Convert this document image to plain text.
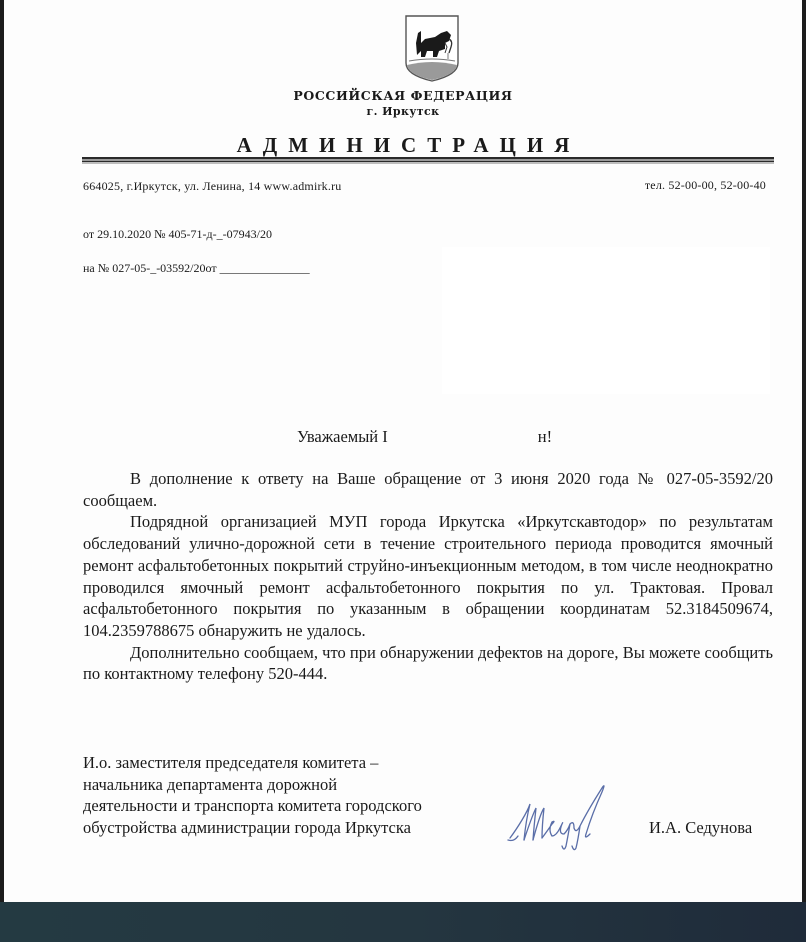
РОССИЙСКАЯ ФЕДЕРАЦИЯ
г. Иркутск
АДМИНИСТРАЦИЯ
664025, г.Иркутск, ул. Ленина, 14 www.admirk.ru	тел. 52-00-00, 52-00-40
от 29.10.2020 № 405-71-д-_-07943/20
на № 027-05-_-03592/20от _______________
Уважаемый I	н!

В дополнение к ответу на Ваше обращение от 3 июня 2020 года № 027-05-3592/20 сообщаем.

Подрядной организацией МУП города Иркутска «Иркутскавтодор» по результатам обследований улично-дорожной сети в течение строительного периода проводится ямочный ремонт асфальтобетонных покрытий струйно-инъекционным методом, в том числе неоднократно проводился ямочный ремонт асфальтобетонного покрытия по ул. Трактовая. Провал асфальтобетонного покрытия по указанным в обращении координатам 52.3184509674, 104.2359788675 обнаружить не удалось.

Дополнительно сообщаем, что при обнаружении дефектов на дороге, Вы можете сообщить по контактному телефону 520-444.

И.о. заместителя председателя комитета –
начальника департамента дорожной
деятельности и транспорта комитета городского
обустройства администрации города Иркутска	И.А. Седунова
